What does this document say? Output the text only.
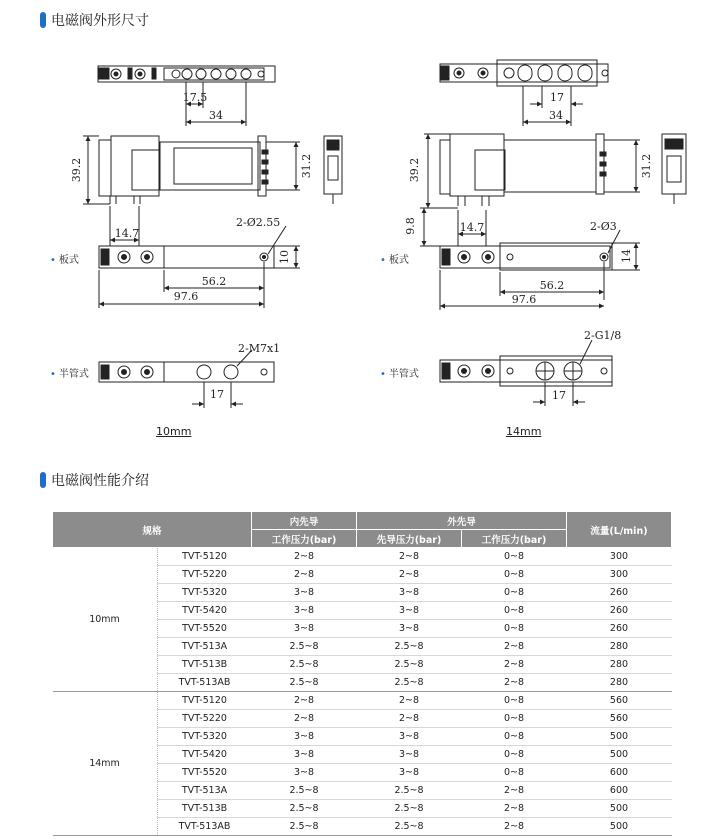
电磁阀外形尺寸
17.5
34
39.2	31.2
2-Ø2.55
14.7
10
56.2
97.6
2-M7x1
17
17
34
39.2	31.2
9.8	14.7	2-Ø3
14
56.2
97.6
2-G1/8
17
• 板式
• 半管式
• 板式
• 半管式
10mm	14mm
电磁阀性能介绍
规格		内先导	外先导		流量(L/min)
		工作压力(bar)	先导压力(bar)	工作压力(bar)	
10mm	TVT-5120	2~8	2~8	0~8	300
	TVT-5220	2~8	2~8	0~8	300
	TVT-5320	3~8	3~8	0~8	260
	TVT-5420	3~8	3~8	0~8	260
	TVT-5520	3~8	3~8	0~8	260
	TVT-513A	2.5~8	2.5~8	2~8	280
	TVT-513B	2.5~8	2.5~8	2~8	280
	TVT-513AB	2.5~8	2.5~8	2~8	280
14mm	TVT-5120	2~8	2~8	0~8	560
	TVT-5220	2~8	2~8	0~8	560
	TVT-5320	3~8	3~8	0~8	500
	TVT-5420	3~8	3~8	0~8	500
	TVT-5520	3~8	3~8	0~8	600
	TVT-513A	2.5~8	2.5~8	2~8	600
	TVT-513B	2.5~8	2.5~8	2~8	500
	TVT-513AB	2.5~8	2.5~8	2~8	500
